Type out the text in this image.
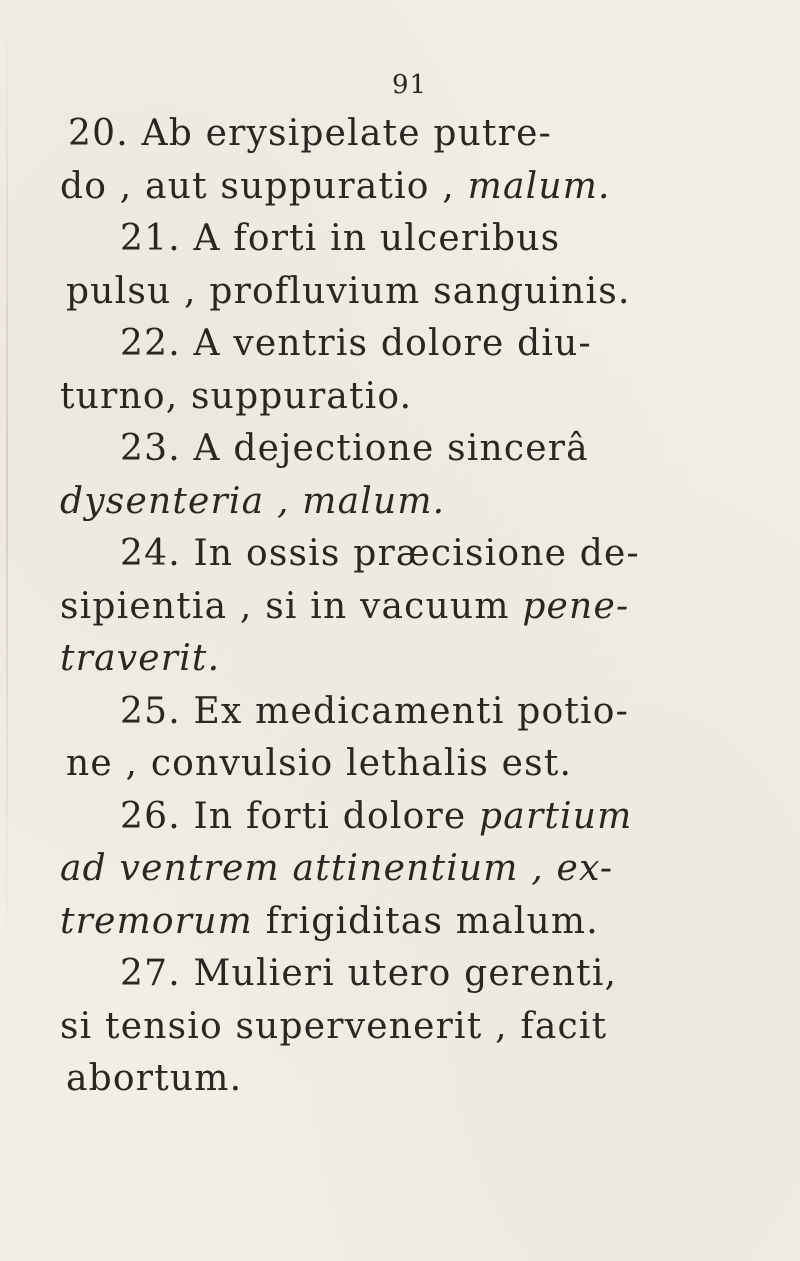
91
20. Ab erysipelate putre-
do , aut suppuratio , malum.
21. A forti in ulceribus
pulsu , profluvium sanguinis.
22. A ventris dolore diu-
turno, suppuratio.
23. A dejectione sincerâ
dysenteria , malum.
24. In ossis præcisione de-
sipientia , si in vacuum pene-
traverit.
25. Ex medicamenti potio-
ne , convulsio lethalis est.
26. In forti dolore partium
ad ventrem attinentium , ex-
tremorum frigiditas malum.
27. Mulieri utero gerenti,
si tensio supervenerit , facit
abortum.
